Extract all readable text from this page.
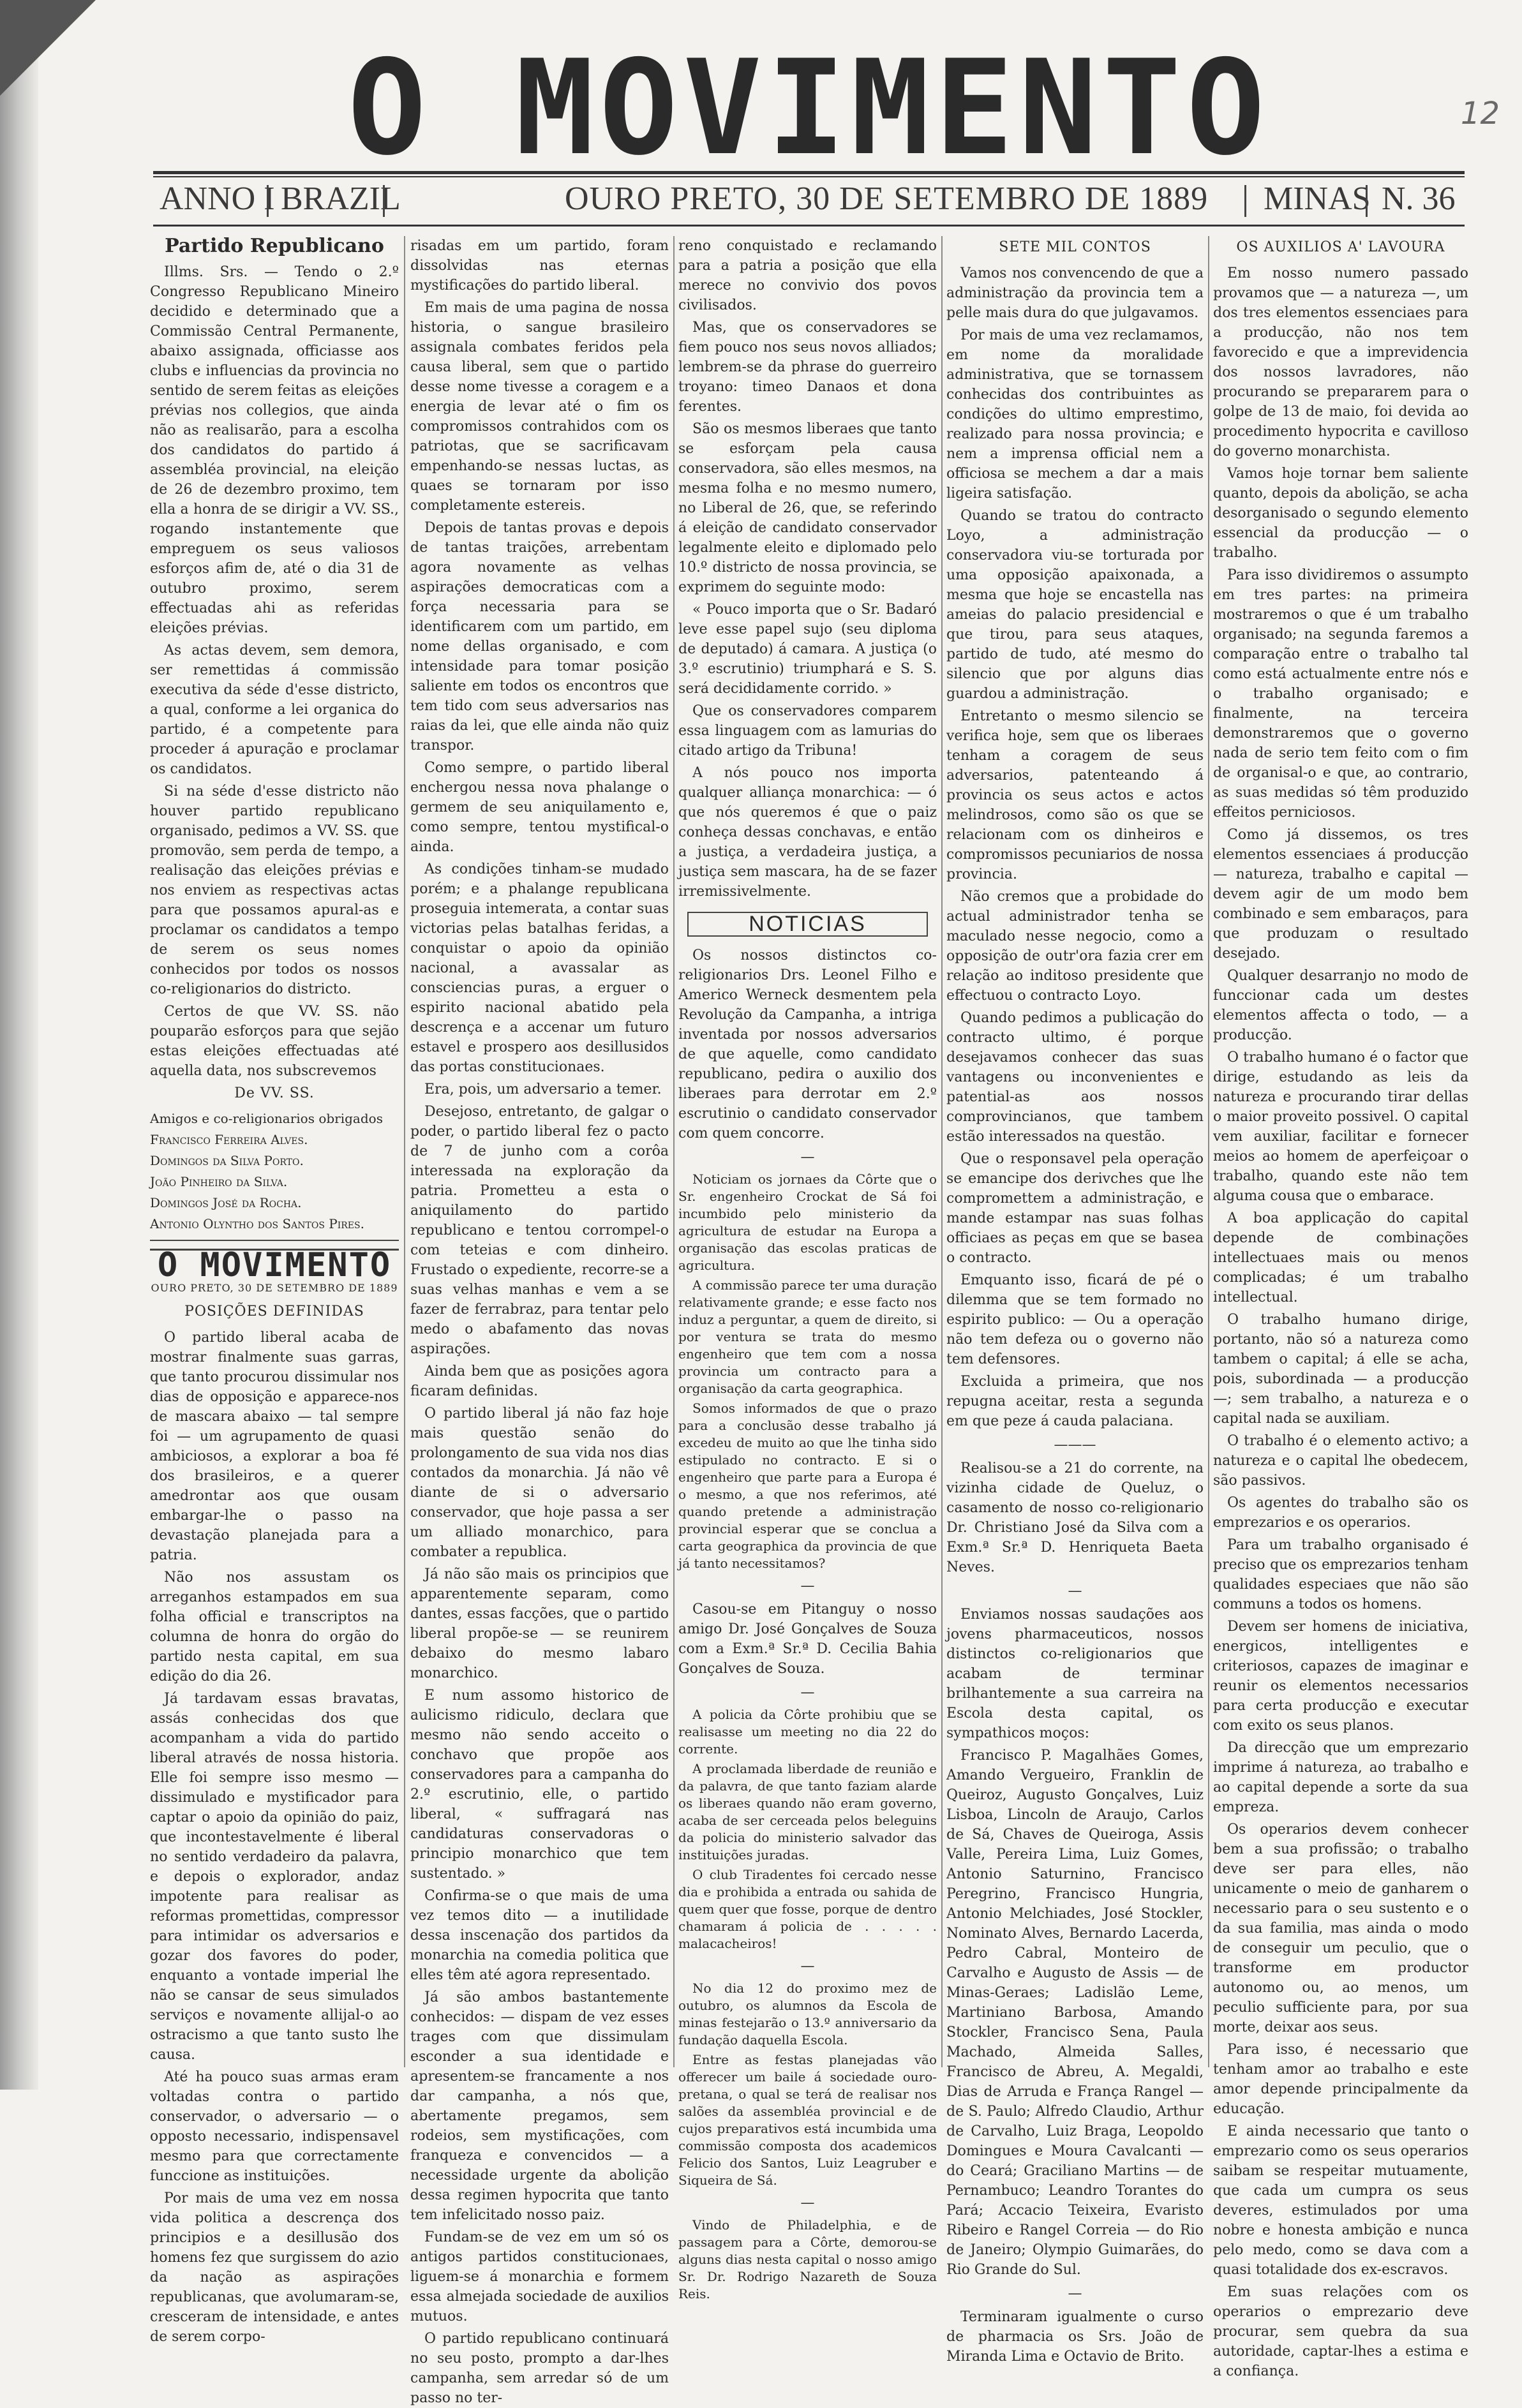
12
O MOVIMENTO
ANNO I BRAZIL	OURO PRETO, 30 DE SETEMBRO DE 1889 MINAS N. 36
Partido Republicano

Illms. Srs. — Tendo o 2.º Congresso Republicano Mineiro decidido e determinado que a Commissão Central Permanente, abaixo assignada, officiasse aos clubs e influencias da provincia no sentido de serem feitas as eleições prévias nos collegios, que ainda não as realisarão, para a escolha dos candidatos do partido á assembléa provincial, na eleição de 26 de dezembro proximo, tem ella a honra de se dirigir a VV. SS., rogando instantemente que empreguem os seus valiosos esforços afim de, até o dia 31 de outubro proximo, serem effectuadas ahi as referidas eleições prévias.

As actas devem, sem demora, ser remettidas á commissão executiva da séde d'esse districto, a qual, conforme a lei organica do partido, é a competente para proceder á apuração e proclamar os candidatos.

Si na séde d'esse districto não houver partido republicano organisado, pedimos a VV. SS. que promovão, sem perda de tempo, a realisação das eleições prévias e nos enviem as respectivas actas para que possamos apural-as e proclamar os candidatos a tempo de serem os seus nomes conhecidos por todos os nossos co-religionarios do districto.

Certos de que VV. SS. não pouparão esforços para que sejão estas eleições effectuadas até aquella data, nos subscrevemos

De VV. SS.

Amigos e co-religionarios obrigados

Francisco Ferreira Alves.

Domingos da Silva Porto.

João Pinheiro da Silva.

Domingos José da Rocha.

Antonio Olyntho dos Santos Pires.

O MOVIMENTO
OURO PRETO, 30 DE SETEMBRO DE 1889
POSIÇÕES DEFINIDAS

O partido liberal acaba de mostrar finalmente suas garras, que tanto procurou dissimular nos dias de opposição e apparece-nos de mascara abaixo — tal sempre foi — um agrupamento de quasi ambiciosos, a explorar a boa fé dos brasileiros, e a querer amedrontar aos que ousam embargar-lhe o passo na devastação planejada para a patria.

Não nos assustam os arreganhos estampados em sua folha official e transcriptos na columna de honra do orgão do partido nesta capital, em sua edição do dia 26.

Já tardavam essas bravatas, assás conhecidas dos que acompanham a vida do partido liberal através de nossa historia. Elle foi sempre isso mesmo — dissimulado e mystificador para captar o apoio da opinião do paiz, que incontestavelmente é liberal no sentido verdadeiro da palavra, e depois o explorador, andaz impotente para realisar as reformas promettidas, compressor para intimidar os adversarios e gozar dos favores do poder, enquanto a vontade imperial lhe não se cansar de seus simulados serviços e novamente allijal-o ao ostracismo a que tanto susto lhe causa.

Até ha pouco suas armas eram voltadas contra o partido conservador, o adversario — o opposto necessario, indispensavel mesmo para que correctamente funccione as instituições.

Por mais de uma vez em nossa vida politica a descrença dos principios e a desillusão dos homens fez que surgissem do azio da nação as aspirações republicanas, que avolumaram-se, cresceram de intensidade, e antes de serem corpo-

risadas em um partido, foram dissolvidas nas eternas mystificações do partido liberal.

Em mais de uma pagina de nossa historia, o sangue brasileiro assignala combates feridos pela causa liberal, sem que o partido desse nome tivesse a coragem e a energia de levar até o fim os compromissos contrahidos com os patriotas, que se sacrificavam empenhando-se nessas luctas, as quaes se tornaram por isso completamente estereis.

Depois de tantas provas e depois de tantas traições, arrebentam agora novamente as velhas aspirações democraticas com a força necessaria para se identificarem com um partido, em nome dellas organisado, e com intensidade para tomar posição saliente em todos os encontros que tem tido com seus adversarios nas raias da lei, que elle ainda não quiz transpor.

Como sempre, o partido liberal enchergou nessa nova phalange o germem de seu aniquilamento e, como sempre, tentou mystifical-o ainda.

As condições tinham-se mudado porém; e a phalange republicana proseguia intemerata, a contar suas victorias pelas batalhas feridas, a conquistar o apoio da opinião nacional, a avassalar as consciencias puras, a erguer o espirito nacional abatido pela descrença e a accenar um futuro estavel e prospero aos desillusidos das portas constitucionaes.

Era, pois, um adversario a temer.

Desejoso, entretanto, de galgar o poder, o partido liberal fez o pacto de 7 de junho com a corôa interessada na exploração da patria. Prometteu a esta o aniquilamento do partido republicano e tentou corrompel-o com teteias e com dinheiro. Frustado o expediente, recorre-se a suas velhas manhas e vem a se fazer de ferrabraz, para tentar pelo medo o abafamento das novas aspirações.

Ainda bem que as posições agora ficaram definidas.

O partido liberal já não faz hoje mais questão senão do prolongamento de sua vida nos dias contados da monarchia. Já não vê diante de si o adversario conservador, que hoje passa a ser um alliado monarchico, para combater a republica.

Já não são mais os principios que apparentemente separam, como dantes, essas facções, que o partido liberal propõe-se — se reunirem debaixo do mesmo labaro monarchico.

E num assomo historico de aulicismo ridiculo, declara que mesmo não sendo acceito o conchavo que propõe aos conservadores para a campanha do 2.º escrutinio, elle, o partido liberal, « suffragará nas candidaturas conservadoras o principio monarchico que tem sustentado. »

Confirma-se o que mais de uma vez temos dito — a inutilidade dessa inscenação dos partidos da monarchia na comedia politica que elles têm até agora representado.

Já são ambos bastantemente conhecidos: — dispam de vez esses trages com que dissimulam esconder a sua identidade e apresentem-se francamente a nos dar campanha, a nós que, abertamente pregamos, sem rodeios, sem mystificações, com franqueza e convencidos — a necessidade urgente da abolição dessa regimen hypocrita que tanto tem infelicitado nosso paiz.

Fundam-se de vez em um só os antigos partidos constitucionaes, liguem-se á monarchia e formem essa almejada sociedade de auxilios mutuos.

O partido republicano continuará no seu posto, prompto a dar-lhes campanha, sem arredar só de um passo no ter-

reno conquistado e reclamando para a patria a posição que ella merece no convivio dos povos civilisados.

Mas, que os conservadores se fiem pouco nos seus novos alliados; lembrem-se da phrase do guerreiro troyano: timeo Danaos et dona ferentes.

São os mesmos liberaes que tanto se esforçam pela causa conservadora, são elles mesmos, na mesma folha e no mesmo numero, no Liberal de 26, que, se referindo á eleição de candidato conservador legalmente eleito e diplomado pelo 10.º districto de nossa provincia, se exprimem do seguinte modo:

« Pouco importa que o Sr. Badaró leve esse papel sujo (seu diploma de deputado) á camara. A justiça (o 3.º escrutinio) triumphará e S. S. será decididamente corrido. »

Que os conservadores comparem essa linguagem com as lamurias do citado artigo da Tribuna!

A nós pouco nos importa qualquer alliança monarchica: — ó que nós queremos é que o paiz conheça dessas conchavas, e então a justiça, a verdadeira justiça, a justiça sem mascara, ha de se fazer irremissivelmente.

NOTICIAS

Os nossos distinctos co-religionarios Drs. Leonel Filho e Americo Werneck desmentem pela Revolução da Campanha, a intriga inventada por nossos adversarios de que aquelle, como candidato republicano, pedira o auxilio dos liberaes para derrotar em 2.º escrutinio o candidato conservador com quem concorre.

—

Noticiam os jornaes da Côrte que o Sr. engenheiro Crockat de Sá foi incumbido pelo ministerio da agricultura de estudar na Europa a organisação das escolas praticas de agricultura.

A commissão parece ter uma duração relativamente grande; e esse facto nos induz a perguntar, a quem de direito, si por ventura se trata do mesmo engenheiro que tem com a nossa provincia um contracto para a organisação da carta geographica.

Somos informados de que o prazo para a conclusão desse trabalho já excedeu de muito ao que lhe tinha sido estipulado no contracto. E si o engenheiro que parte para a Europa é o mesmo, a que nos referimos, até quando pretende a administração provincial esperar que se conclua a carta geographica da provincia de que já tanto necessitamos?

—

Casou-se em Pitanguy o nosso amigo Dr. José Gonçalves de Souza com a Exm.ª Sr.ª D. Cecilia Bahia Gonçalves de Souza.

—

A policia da Côrte prohibiu que se realisasse um meeting no dia 22 do corrente.

A proclamada liberdade de reunião e da palavra, de que tanto faziam alarde os liberaes quando não eram governo, acaba de ser cerceada pelos beleguins da policia do ministerio salvador das instituições juradas.

O club Tiradentes foi cercado nesse dia e prohibida a entrada ou sahida de quem quer que fosse, porque de dentro chamaram á policia de . . . . . malacacheiros!

—

No dia 12 do proximo mez de outubro, os alumnos da Escola de minas festejarão o 13.º anniversario da fundação daquella Escola.

Entre as festas planejadas vão offerecer um baile á sociedade ouro-pretana, o qual se terá de realisar nos salões da assembléa provincial e de cujos preparativos está incumbida uma commissão composta dos academicos Felicio dos Santos, Luiz Leagruber e Siqueira de Sá.

—

Vindo de Philadelphia, e de passagem para a Côrte, demorou-se alguns dias nesta capital o nosso amigo Sr. Dr. Rodrigo Nazareth de Souza Reis.

SETE MIL CONTOS

Vamos nos convencendo de que a administração da provincia tem a pelle mais dura do que julgavamos.

Por mais de uma vez reclamamos, em nome da moralidade administrativa, que se tornassem conhecidas dos contribuintes as condições do ultimo emprestimo, realizado para nossa provincia; e nem a imprensa official nem a officiosa se mechem a dar a mais ligeira satisfação.

Quando se tratou do contracto Loyo, a administração conservadora viu-se torturada por uma opposição apaixonada, a mesma que hoje se encastella nas ameias do palacio presidencial e que tirou, para seus ataques, partido de tudo, até mesmo do silencio que por alguns dias guardou a administração.

Entretanto o mesmo silencio se verifica hoje, sem que os liberaes tenham a coragem de seus adversarios, patenteando á provincia os seus actos e actos melindrosos, como são os que se relacionam com os dinheiros e compromissos pecuniarios de nossa provincia.

Não cremos que a probidade do actual administrador tenha se maculado nesse negocio, como a opposição de outr'ora fazia crer em relação ao inditoso presidente que effectuou o contracto Loyo.

Quando pedimos a publicação do contracto ultimo, é porque desejavamos conhecer das suas vantagens ou inconvenientes e patential-as aos nossos comprovincianos, que tambem estão interessados na questão.

Que o responsavel pela operação se emancipe dos derivches que lhe compromettem a administração, e mande estampar nas suas folhas officiaes as peças em que se basea o contracto.

Emquanto isso, ficará de pé o dilemma que se tem formado no espirito publico: — Ou a operação não tem defeza ou o governo não tem defensores.

Excluida a primeira, que nos repugna aceitar, resta a segunda em que peze á cauda palaciana.

———

Realisou-se a 21 do corrente, na vizinha cidade de Queluz, o casamento de nosso co-religionario Dr. Christiano José da Silva com a Exm.ª Sr.ª D. Henriqueta Baeta Neves.

—

Enviamos nossas saudações aos jovens pharmaceuticos, nossos distinctos co-religionarios que acabam de terminar brilhantemente a sua carreira na Escola desta capital, os sympathicos moços:

Francisco P. Magalhães Gomes, Amando Vergueiro, Franklin de Queiroz, Augusto Gonçalves, Luiz Lisboa, Lincoln de Araujo, Carlos de Sá, Chaves de Queiroga, Assis Valle, Pereira Lima, Luiz Gomes, Antonio Saturnino, Francisco Peregrino, Francisco Hungria, Antonio Melchiades, José Stockler, Nominato Alves, Bernardo Lacerda, Pedro Cabral, Monteiro de Carvalho e Augusto de Assis — de Minas-Geraes; Ladislão Leme, Martiniano Barbosa, Amando Stockler, Francisco Sena, Paula Machado, Almeida Salles, Francisco de Abreu, A. Megaldi, Dias de Arruda e França Rangel — de S. Paulo; Alfredo Claudio, Arthur de Carvalho, Luiz Braga, Leopoldo Domingues e Moura Cavalcanti — do Ceará; Graciliano Martins — de Pernambuco; Leandro Torantes do Pará; Accacio Teixeira, Evaristo Ribeiro e Rangel Correia — do Rio de Janeiro; Olympio Guimarães, do Rio Grande do Sul.

—

Terminaram igualmente o curso de pharmacia os Srs. João de Miranda Lima e Octavio de Brito.

OS AUXILIOS A' LAVOURA

Em nosso numero passado provamos que — a natureza —, um dos tres elementos essenciaes para a producção, não nos tem favorecido e que a imprevidencia dos nossos lavradores, não procurando se prepararem para o golpe de 13 de maio, foi devida ao procedimento hypocrita e cavilloso do governo monarchista.

Vamos hoje tornar bem saliente quanto, depois da abolição, se acha desorganisado o segundo elemento essencial da producção — o trabalho.

Para isso dividiremos o assumpto em tres partes: na primeira mostraremos o que é um trabalho organisado; na segunda faremos a comparação entre o trabalho tal como está actualmente entre nós e o trabalho organisado; e finalmente, na terceira demonstraremos que o governo nada de serio tem feito com o fim de organisal-o e que, ao contrario, as suas medidas só têm produzido effeitos perniciosos.

Como já dissemos, os tres elementos essenciaes á producção — natureza, trabalho e capital — devem agir de um modo bem combinado e sem embaraços, para que produzam o resultado desejado.

Qualquer desarranjo no modo de funccionar cada um destes elementos affecta o todo, — a producção.

O trabalho humano é o factor que dirige, estudando as leis da natureza e procurando tirar dellas o maior proveito possivel. O capital vem auxiliar, facilitar e fornecer meios ao homem de aperfeiçoar o trabalho, quando este não tem alguma cousa que o embarace.

A boa applicação do capital depende de combinações intellectuaes mais ou menos complicadas; é um trabalho intellectual.

O trabalho humano dirige, portanto, não só a natureza como tambem o capital; á elle se acha, pois, subordinada — a producção —; sem trabalho, a natureza e o capital nada se auxiliam.

O trabalho é o elemento activo; a natureza e o capital lhe obedecem, são passivos.

Os agentes do trabalho são os emprezarios e os operarios.

Para um trabalho organisado é preciso que os emprezarios tenham qualidades especiaes que não são communs a todos os homens.

Devem ser homens de iniciativa, energicos, intelligentes e criteriosos, capazes de imaginar e reunir os elementos necessarios para certa producção e executar com exito os seus planos.

Da direcção que um emprezario imprime á natureza, ao trabalho e ao capital depende a sorte da sua empreza.

Os operarios devem conhecer bem a sua profissão; o trabalho deve ser para elles, não unicamente o meio de ganharem o necessario para o seu sustento e o da sua familia, mas ainda o modo de conseguir um peculio, que o transforme em productor autonomo ou, ao menos, um peculio sufficiente para, por sua morte, deixar aos seus.

Para isso, é necessario que tenham amor ao trabalho e este amor depende principalmente da educação.

E ainda necessario que tanto o emprezario como os seus operarios saibam se respeitar mutuamente, que cada um cumpra os seus deveres, estimulados por uma nobre e honesta ambição e nunca pelo medo, como se dava com a quasi totalidade dos ex-escravos.

Em suas relações com os operarios o emprezario deve procurar, sem quebra da sua autoridade, captar-lhes a estima e a confiança.
